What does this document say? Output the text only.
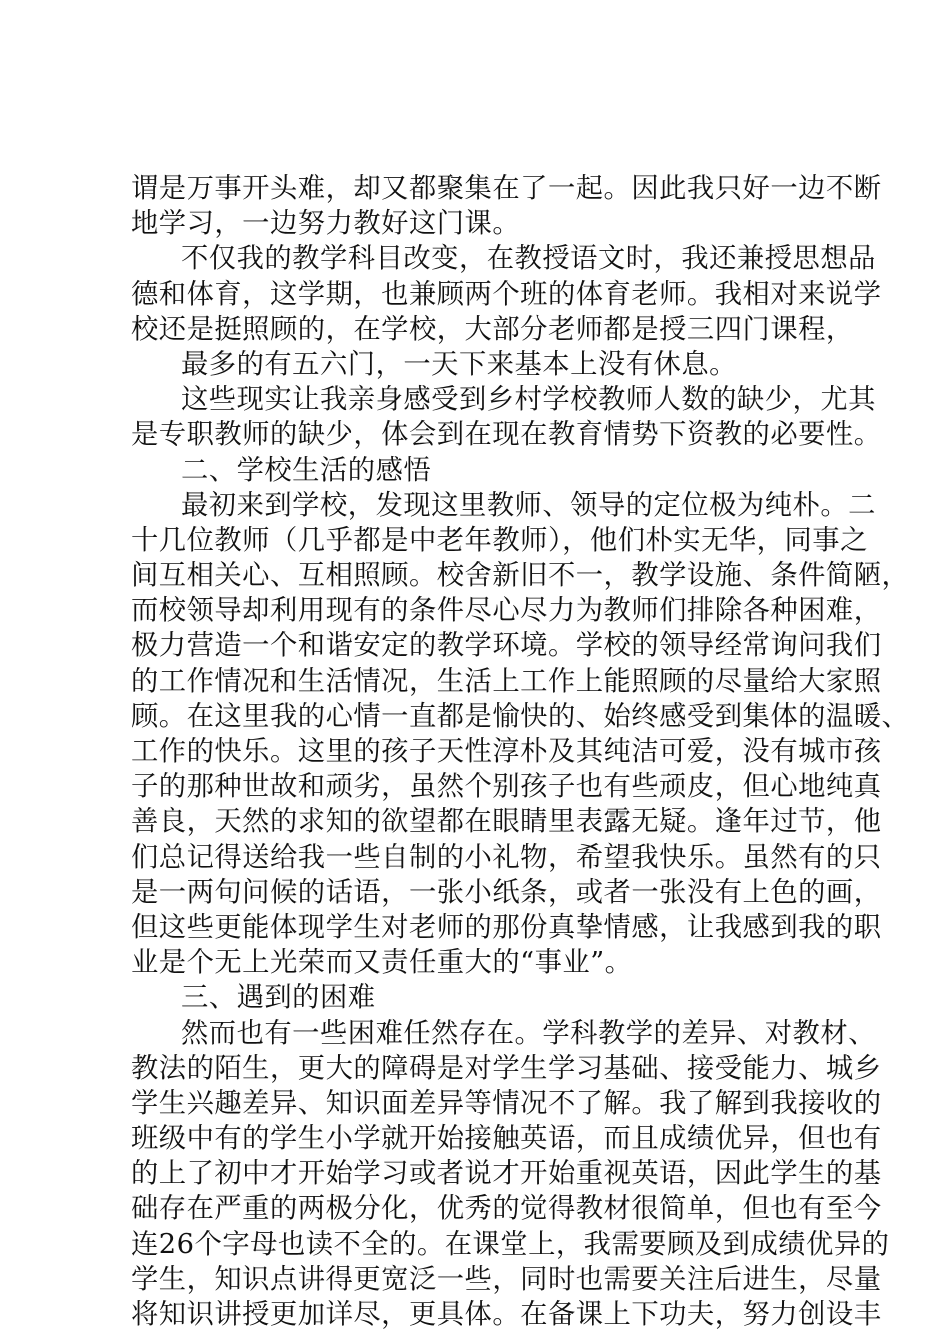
谓是万事开头难，却又都聚集在了一起。因此我只好一边不断
地学习，一边努力教好这门课。
不仅我的教学科目改变，在教授语文时，我还兼授思想品
德和体育，这学期，也兼顾两个班的体育老师。我相对来说学
校还是挺照顾的，在学校，大部分老师都是授三四门课程，
最多的有五六门，一天下来基本上没有休息。
这些现实让我亲身感受到乡村学校教师人数的缺少，尤其
是专职教师的缺少，体会到在现在教育情势下资教的必要性。
二、学校生活的感悟
最初来到学校，发现这里教师、领导的定位极为纯朴。二
十几位教师（几乎都是中老年教师），他们朴实无华，同事之
间互相关心、互相照顾。校舍新旧不一，教学设施、条件简陋，
而校领导却利用现有的条件尽心尽力为教师们排除各种困难，
极力营造一个和谐安定的教学环境。学校的领导经常询问我们
的工作情况和生活情况，生活上工作上能照顾的尽量给大家照
顾。在这里我的心情一直都是愉快的、始终感受到集体的温暖、
工作的快乐。这里的孩子天性淳朴及其纯洁可爱，没有城市孩
子的那种世故和顽劣，虽然个别孩子也有些顽皮，但心地纯真
善良，天然的求知的欲望都在眼睛里表露无疑。逢年过节，他
们总记得送给我一些自制的小礼物，希望我快乐。虽然有的只
是一两句问候的话语，一张小纸条，或者一张没有上色的画，
但这些更能体现学生对老师的那份真挚情感，让我感到我的职
业是个无上光荣而又责任重大的“事业”。
三、遇到的困难
然而也有一些困难任然存在。学科教学的差异、对教材、
教法的陌生，更大的障碍是对学生学习基础、接受能力、城乡
学生兴趣差异、知识面差异等情况不了解。我了解到我接收的
班级中有的学生小学就开始接触英语，而且成绩优异，但也有
的上了初中才开始学习或者说才开始重视英语，因此学生的基
础存在严重的两极分化，优秀的觉得教材很简单，但也有至今
连26个字母也读不全的。在课堂上，我需要顾及到成绩优异的
学生，知识点讲得更宽泛一些，同时也需要关注后进生，尽量
将知识讲授更加详尽，更具体。在备课上下功夫，努力创设丰
